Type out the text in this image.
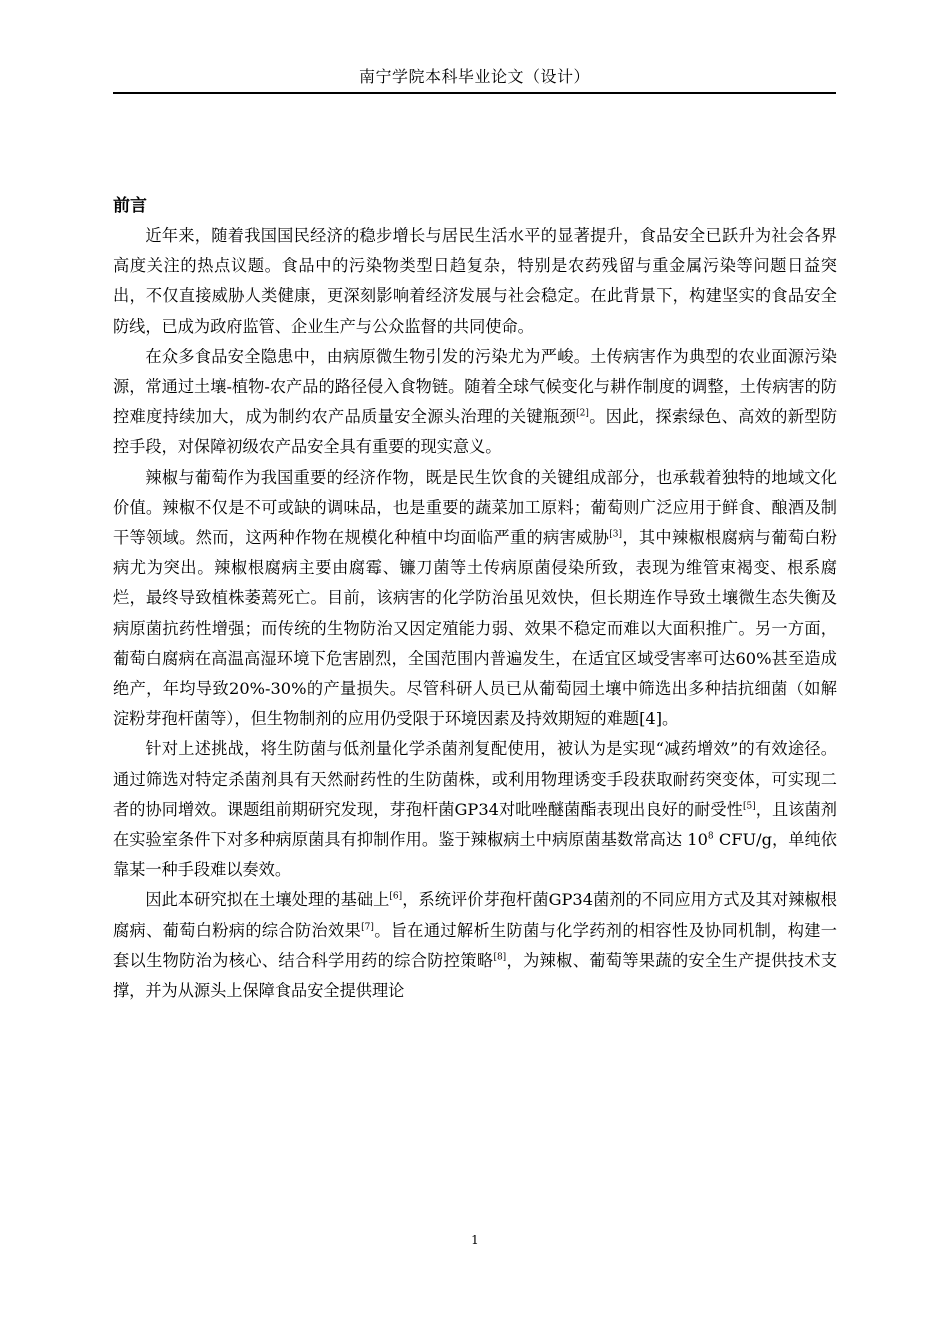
南宁学院本科毕业论文（设计）
前言

近年来，随着我国国民经济的稳步增长与居民生活水平的显著提升，食品安全已跃升为社会各界高度关注的热点议题。食品中的污染物类型日趋复杂，特别是农药残留与重金属污染等问题日益突出，不仅直接威胁人类健康，更深刻影响着经济发展与社会稳定。在此背景下，构建坚实的食品安全防线，已成为政府监管、企业生产与公众监督的共同使命。

在众多食品安全隐患中，由病原微生物引发的污染尤为严峻。土传病害作为典型的农业面源污染源，常通过土壤-植物-农产品的路径侵入食物链。随着全球气候变化与耕作制度的调整，土传病害的防控难度持续加大，成为制约农产品质量安全源头治理的关键瓶颈[2]。因此，探索绿色、高效的新型防控手段，对保障初级农产品安全具有重要的现实意义。

辣椒与葡萄作为我国重要的经济作物，既是民生饮食的关键组成部分，也承载着独特的地域文化价值。辣椒不仅是不可或缺的调味品，也是重要的蔬菜加工原料；葡萄则广泛应用于鲜食、酿酒及制干等领域。然而，这两种作物在规模化种植中均面临严重的病害威胁[3]，其中辣椒根腐病与葡萄白粉病尤为突出。辣椒根腐病主要由腐霉、镰刀菌等土传病原菌侵染所致，表现为维管束褐变、根系腐烂，最终导致植株萎蔫死亡。目前，该病害的化学防治虽见效快，但长期连作导致土壤微生态失衡及病原菌抗药性增强；而传统的生物防治又因定殖能力弱、效果不稳定而难以大面积推广。另一方面，葡萄白腐病在高温高湿环境下危害剧烈，全国范围内普遍发生，在适宜区域受害率可达60%甚至造成绝产，年均导致20%-30%的产量损失。尽管科研人员已从葡萄园土壤中筛选出多种拮抗细菌（如解淀粉芽孢杆菌等），但生物制剂的应用仍受限于环境因素及持效期短的难题[4]。

针对上述挑战，将生防菌与低剂量化学杀菌剂复配使用，被认为是实现“减药增效”的有效途径。通过筛选对特定杀菌剂具有天然耐药性的生防菌株，或利用物理诱变手段获取耐药突变体，可实现二者的协同增效。课题组前期研究发现，芽孢杆菌GP34对吡唑醚菌酯表现出良好的耐受性[5]，且该菌剂在实验室条件下对多种病原菌具有抑制作用。鉴于辣椒病土中病原菌基数常高达 $10^8$ CFU/g，单纯依靠某一种手段难以奏效。

因此本研究拟在土壤处理的基础上[6]，系统评价芽孢杆菌GP34菌剂的不同应用方式及其对辣椒根腐病、葡萄白粉病的综合防治效果[7]。旨在通过解析生防菌与化学药剂的相容性及协同机制，构建一套以生物防治为核心、结合科学用药的综合防控策略[8]，为辣椒、葡萄等果蔬的安全生产提供技术支撑，并为从源头上保障食品安全提供理论

1
